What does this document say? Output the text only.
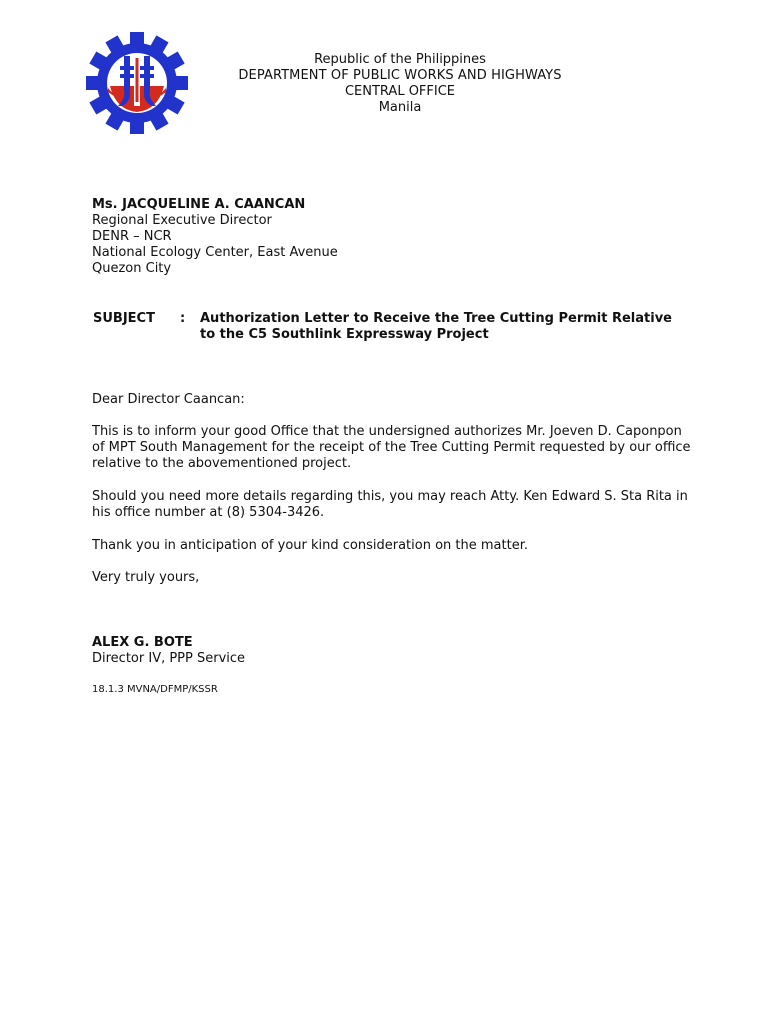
Republic of the Philippines
DEPARTMENT OF PUBLIC WORKS AND HIGHWAYS
CENTRAL OFFICE
Manila
Ms. JACQUELINE A. CAANCAN
Regional Executive Director
DENR – NCR
National Ecology Center, East Avenue
Quezon City
SUBJECT : Authorization Letter to Receive the Tree Cutting Permit Relative
to the C5 Southlink Expressway Project
Dear Director Caancan:
This is to inform your good Office that the undersigned authorizes Mr. Joeven D. Caponpon
of MPT South Management for the receipt of the Tree Cutting Permit requested by our office
relative to the abovementioned project.
Should you need more details regarding this, you may reach Atty. Ken Edward S. Sta Rita in
his office number at (8) 5304-3426.
Thank you in anticipation of your kind consideration on the matter.
Very truly yours,
ALEX G. BOTE
Director IV, PPP Service
18.1.3 MVNA/DFMP/KSSR
